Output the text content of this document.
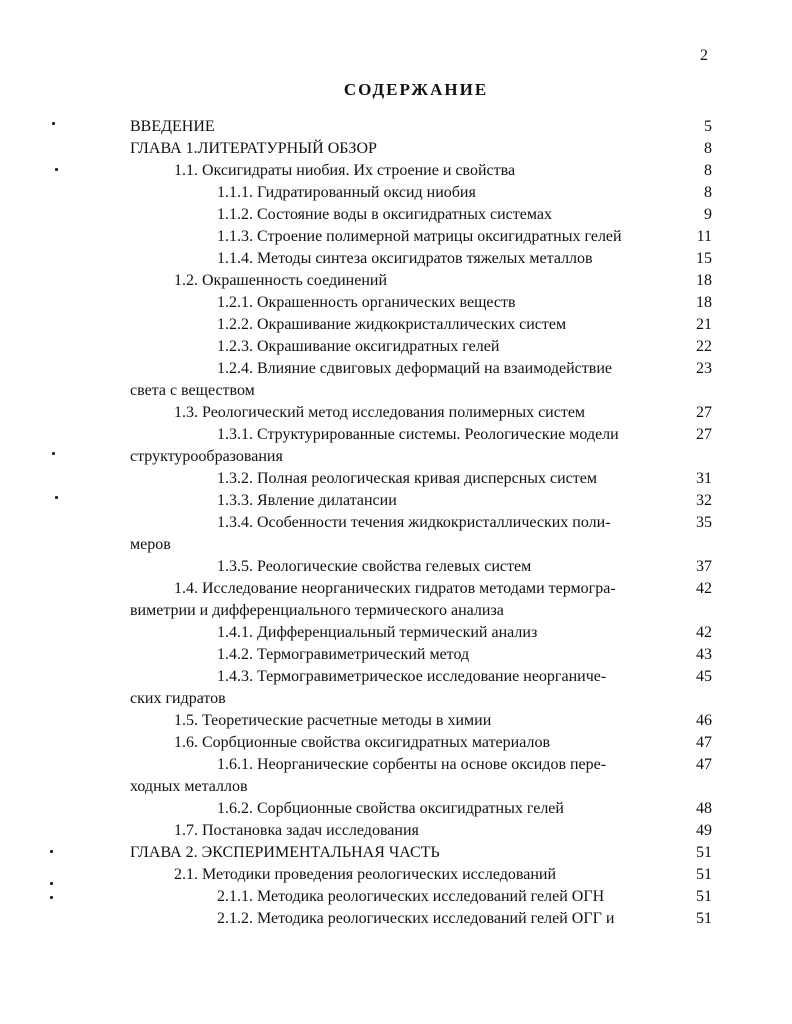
2
СОДЕРЖАНИЕ
ВВЕДЕНИЕ	5
ГЛАВА 1.ЛИТЕРАТУРНЫЙ ОБЗОР	8
1.1. Оксигидраты ниобия. Их строение и свойства	8
1.1.1. Гидратированный оксид ниобия	8
1.1.2. Состояние воды в оксигидратных системах	9
1.1.3. Строение полимерной матрицы оксигидратных гелей	11
1.1.4. Методы синтеза оксигидратов тяжелых металлов	15
1.2. Окрашенность соединений	18
1.2.1. Окрашенность органических веществ	18
1.2.2. Окрашивание жидкокристаллических систем	21
1.2.3. Окрашивание оксигидратных гелей	22
1.2.4. Влияние сдвиговых деформаций на взаимодействие	23
света с веществом
1.3. Реологический метод исследования полимерных систем	27
1.3.1. Структурированные системы. Реологические модели	27
структурообразования
1.3.2. Полная реологическая кривая дисперсных систем	31
1.3.3. Явление дилатансии	32
1.3.4. Особенности течения жидкокристаллических поли-	35
меров
1.3.5. Реологические свойства гелевых систем	37
1.4. Исследование неорганических гидратов методами термогра-	42
виметрии и дифференциального термического анализа
1.4.1. Дифференциальный термический анализ	42
1.4.2. Термогравиметрический метод	43
1.4.3. Термогравиметрическое исследование неорганиче-	45
ских гидратов
1.5. Теоретические расчетные методы в химии	46
1.6. Сорбционные свойства оксигидратных материалов	47
1.6.1. Неорганические сорбенты на основе оксидов пере-	47
ходных металлов
1.6.2. Сорбционные свойства оксигидратных гелей	48
1.7. Постановка задач исследования	49
ГЛАВА 2. ЭКСПЕРИМЕНТАЛЬНАЯ ЧАСТЬ	51
2.1. Методики проведения реологических исследований	51
2.1.1. Методика реологических исследований гелей ОГН	51
2.1.2. Методика реологических исследований гелей ОГГ и	51
